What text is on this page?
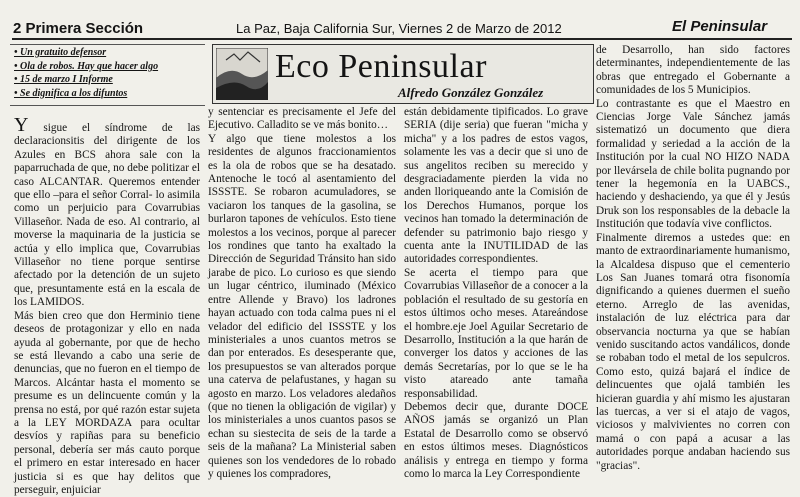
2 Primera Sección	La Paz, Baja California Sur, Viernes 2 de Marzo de 2012	El Peninsular
• Un gratuito defensor
• Ola de robos. Hay que hacer algo
• 15 de marzo I Informe
• Se dignifica a los difuntos
Eco Peninsular
Alfredo González González

Y sigue el síndrome de las declaracionsitis del dirigente de los Azules en BCS ahora sale con la paparruchada de que, no debe politizar el caso ALCANTAR. Queremos entender que ello –para el señor Corral- lo asimila como un perjuicio para Covarrubias Villaseñor. Nada de eso. Al contrario, al moverse la maquinaria de la justicia se actúa y ello implica que, Covarrubias Villaseñor no tiene porque sentirse afectado por la detención de un sujeto que, presuntamente está en la escala de los LAMIDOS.

Más bien creo que don Herminio tiene deseos de protagonizar y ello en nada ayuda al gobernante, por que de hecho se está llevando a cabo una serie de denuncias, que no fueron en el tiempo de Marcos. Alcántar hasta el momento se presume es un delincuente común y la prensa no está, por qué razón estar sujeta a la LEY MORDAZA para ocultar desvíos y rapiñas para su beneficio personal, debería ser más cauto porque el primero en estar interesado en hacer justicia si es que hay delitos que perseguir, enjuiciar

y sentenciar es precisamente el Jefe del Ejecutivo. Calladito se ve más bonito…

Y algo que tiene molestos a los residentes de algunos fraccionamientos es la ola de robos que se ha desatado. Antenoche le tocó al asentamiento del ISSSTE. Se robaron acumuladores, se vaciaron los tanques de la gasolina, se burlaron tapones de vehículos. Esto tiene molestos a los vecinos, porque al parecer los rondines que tanto ha exaltado la Dirección de Seguridad Tránsito han sido jarabe de pico. Lo curioso es que siendo un lugar céntrico, iluminado (México entre Allende y Bravo) los ladrones hayan actuado con toda calma pues ni el velador del edificio del ISSSTE y los ministeriales a unos cuantos metros se dan por enterados. Es desesperante que, los presupuestos se van alterados porque una caterva de pelafustanes, y hagan su agosto en marzo. Los veladores aledaños (que no tienen la obligación de vigilar) y los ministeriales a unos cuantos pasos se echan su siestecita de seis de la tarde a seis de la mañana? La Ministerial saben quienes son los vendedores de lo robado y quienes los compradores,

están debidamente tipificados. Lo grave SERIA (dije seria) que fueran "micha y micha" y a los padres de estos vagos, solamente les vas a decir que si uno de sus angelitos reciben su merecido y desgraciadamente pierden la vida no anden lloriqueando ante la Comisión de los Derechos Humanos, porque los vecinos han tomado la determinación de defender su patrimonio bajo riesgo y cuenta ante la INUTILIDAD de las autoridades correspondientes.

Se acerta el tiempo para que Covarrubias Villaseñor de a conocer a la población el resultado de su gestoría en estos últimos ocho meses. Atareándose el hombre.eje Joel Aguilar Secretario de Desarrollo, Institución a la que harán de converger los datos y acciones de las demás Secretarías, por lo que se le ha visto atareado ante tamaña responsabilidad.

Debemos decir que, durante DOCE AÑOS jamás se organizó un Plan Estatal de Desarrollo como se observó en estos últimos meses. Diagnósticos análisis y entrega en tiempo y forma como lo marca la Ley Correspondiente

de Desarrollo, han sido factores determinantes, independientemente de las obras que entregado el Gobernante a comunidades de los 5 Municipios.

Lo contrastante es que el Maestro en Ciencias Jorge Vale Sánchez jamás sistematizó un documento que diera formalidad y seriedad a la acción de la Institución por la cual NO HIZO NADA por llevársela de chile bolita pugnando por tener la hegemonía en la UABCS., haciendo y deshaciendo, ya que él y Jesús Druk son los responsables de la debacle la Institución que todavía vive conflictos.

Finalmente diremos a ustedes que: en manto de extraordinariamente humanismo, la Alcaldesa dispuso que el cementerio Los San Juanes tomará otra fisonomía dignificando a quienes duermen el sueño eterno. Arreglo de las avenidas, instalación de luz eléctrica para dar observancia nocturna ya que se habían venido suscitando actos vandálicos, donde se robaban todo el metal de los sepulcros. Como esto, quizá bajará el índice de delincuentes que ojalá también les hicieran guardia y ahí mismo les ajustaran las tuercas, a ver si el atajo de vagos, viciosos y malvivientes no corren con mamá o con papá a acusar a las autoridades porque andaban haciendo sus "gracias".
